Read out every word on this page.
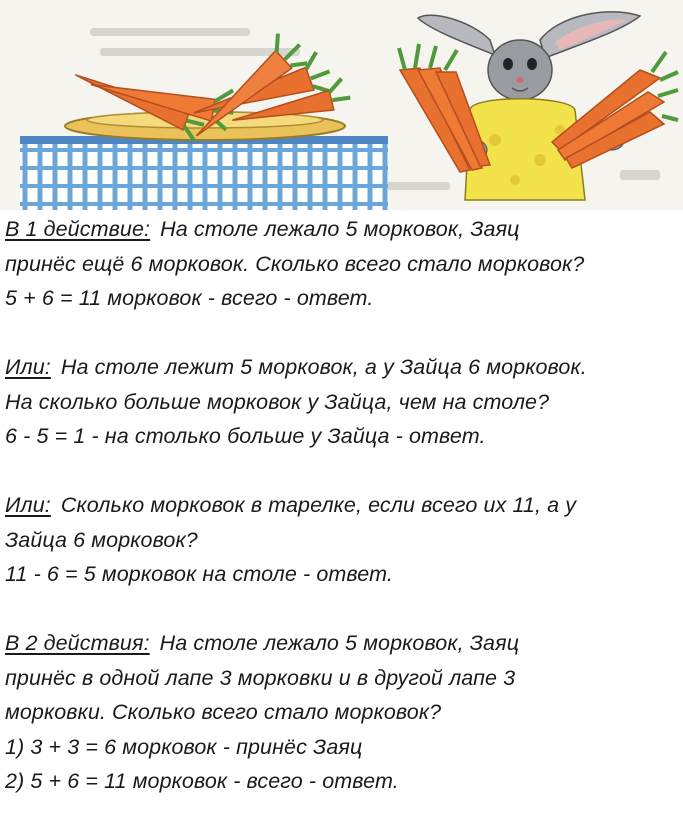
В 1 действие: На столе лежало 5 морковок, Заяц
принёс ещё 6 морковок. Сколько всего стало морковок?
5 + 6 = 11 морковок - всего - ответ.
Или: На столе лежит 5 морковок, а у Зайца 6 морковок.
На сколько больше морковок у Зайца, чем на столе?
6 - 5 = 1 - на столько больше у Зайца - ответ.
Или: Сколько морковок в тарелке, если всего их 11, а у
Зайца 6 морковок?
11 - 6 = 5 морковок на столе - ответ.
В 2 действия: На столе лежало 5 морковок, Заяц
принёс в одной лапе 3 морковки и в другой лапе 3
морковки. Сколько всего стало морковок?
1) 3 + 3 = 6 морковок - принёс Заяц
2) 5 + 6 = 11 морковок - всего - ответ.
